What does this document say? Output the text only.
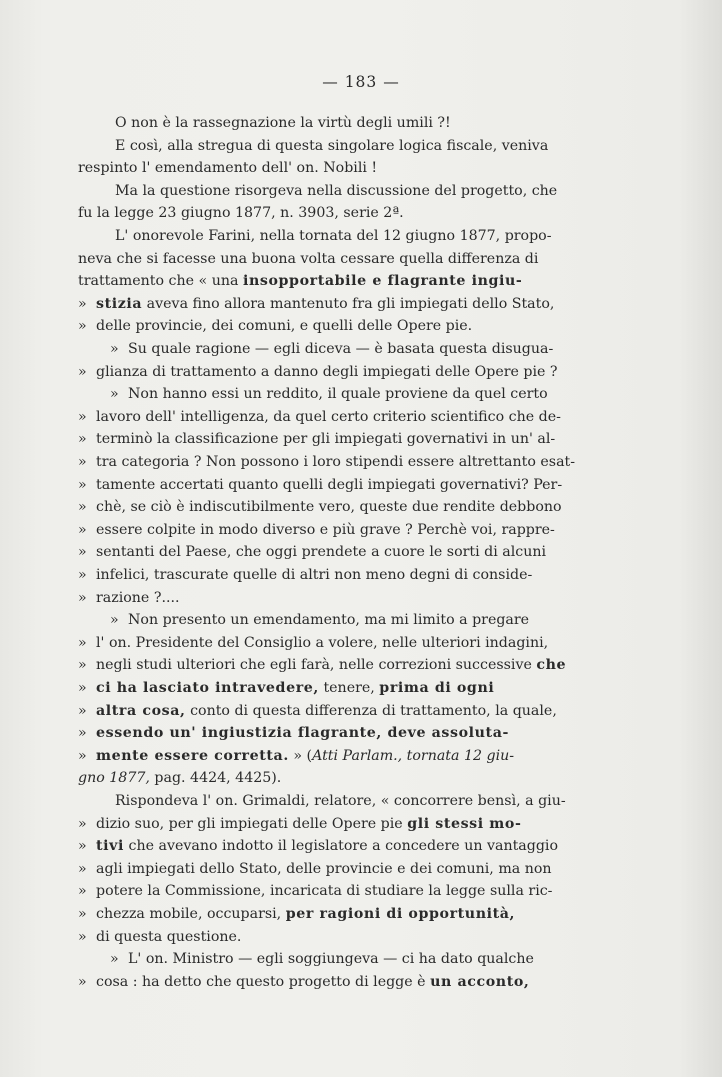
— 183 —
O non è la rassegnazione la virtù degli umili ?!
E così, alla stregua di questa singolare logica fiscale, veniva
respinto l' emendamento dell' on. Nobili !
Ma la questione risorgeva nella discussione del progetto, che
fu la legge 23 giugno 1877, n. 3903, serie 2ª.
L' onorevole Farini, nella tornata del 12 giugno 1877, propo-
neva che si facesse una buona volta cessare quella differenza di
trattamento che « una insopportabile e flagrante ingiu-
» stizia aveva fino allora mantenuto fra gli impiegati dello Stato,
» delle provincie, dei comuni, e quelli delle Opere pie.
» Su quale ragione — egli diceva — è basata questa disugua-
» glianza di trattamento a danno degli impiegati delle Opere pie ?
» Non hanno essi un reddito, il quale proviene da quel certo
» lavoro dell' intelligenza, da quel certo criterio scientifico che de-
» terminò la classificazione per gli impiegati governativi in un' al-
» tra categoria ? Non possono i loro stipendi essere altrettanto esat-
» tamente accertati quanto quelli degli impiegati governativi? Per-
» chè, se ciò è indiscutibilmente vero, queste due rendite debbono
» essere colpite in modo diverso e più grave ? Perchè voi, rappre-
» sentanti del Paese, che oggi prendete a cuore le sorti di alcuni
» infelici, trascurate quelle di altri non meno degni di conside-
» razione ?....
» Non presento un emendamento, ma mi limito a pregare
» l' on. Presidente del Consiglio a volere, nelle ulteriori indagini,
» negli studi ulteriori che egli farà, nelle correzioni successive che
» ci ha lasciato intravedere, tenere, prima di ogni
» altra cosa, conto di questa differenza di trattamento, la quale,
» essendo un' ingiustizia flagrante, deve assoluta-
» mente essere corretta. » (Atti Parlam., tornata 12 giu-
gno 1877, pag. 4424, 4425).
Rispondeva l' on. Grimaldi, relatore, « concorrere bensì, a giu-
» dizio suo, per gli impiegati delle Opere pie gli stessi mo-
» tivi che avevano indotto il legislatore a concedere un vantaggio
» agli impiegati dello Stato, delle provincie e dei comuni, ma non
» potere la Commissione, incaricata di studiare la legge sulla ric-
» chezza mobile, occuparsi, per ragioni di opportunità,
» di questa questione.
» L' on. Ministro — egli soggiungeva — ci ha dato qualche
» cosa : ha detto che questo progetto di legge è un acconto,
